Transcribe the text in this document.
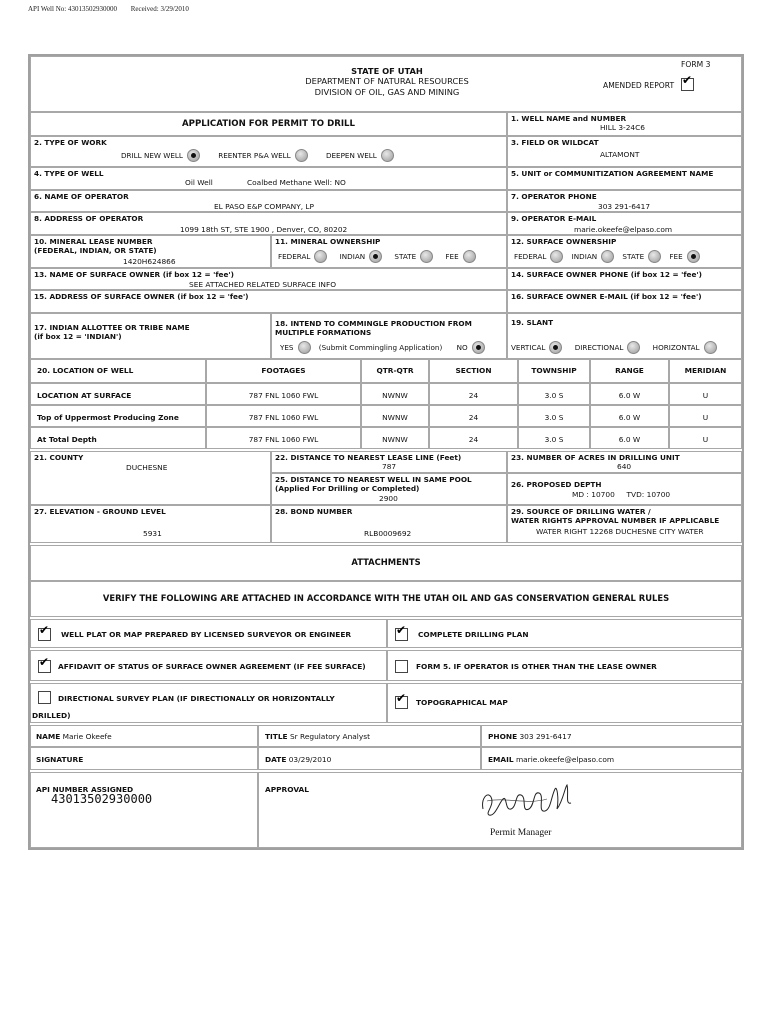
API Well No: 43013502930000 Received: 3/29/2010
STATE OF UTAH
DEPARTMENT OF NATURAL RESOURCES
DIVISION OF OIL, GAS AND MINING
FORM 3
AMENDED REPORT
✔
APPLICATION FOR PERMIT TO DRILL
1. WELL NAME and NUMBER
HILL 3-24C6
2. TYPE OF WORK
DRILL NEW WELL	REENTER P&A WELL	DEEPEN WELL
3. FIELD OR WILDCAT
ALTAMONT
4. TYPE OF WELL
Oil Well	Coalbed Methane Well: NO
5. UNIT or COMMUNITIZATION AGREEMENT NAME
6. NAME OF OPERATOR
EL PASO E&P COMPANY, LP
7. OPERATOR PHONE
303 291-6417
8. ADDRESS OF OPERATOR
1099 18th ST, STE 1900 , Denver, CO, 80202
9. OPERATOR E-MAIL
marie.okeefe@elpaso.com
10. MINERAL LEASE NUMBER
(FEDERAL, INDIAN, OR STATE)
1420H624866
11. MINERAL OWNERSHIP
FEDERAL	INDIAN	STATE	FEE
12. SURFACE OWNERSHIP
FEDERAL	INDIAN	STATE	FEE
13. NAME OF SURFACE OWNER (if box 12 = 'fee')
SEE ATTACHED RELATED SURFACE INFO
14. SURFACE OWNER PHONE (if box 12 = 'fee')
15. ADDRESS OF SURFACE OWNER (if box 12 = 'fee')	16. SURFACE OWNER E-MAIL (if box 12 = 'fee')
17. INDIAN ALLOTTEE OR TRIBE NAME
(if box 12 = 'INDIAN')
18. INTEND TO COMMINGLE PRODUCTION FROM
MULTIPLE FORMATIONS
YES	(Submit Commingling Application) NO
19. SLANT
VERTICAL	DIRECTIONAL	HORIZONTAL
20. LOCATION OF WELL	FOOTAGES	QTR-QTR	SECTION	TOWNSHIP	RANGE	MERIDIAN
LOCATION AT SURFACE	787 FNL 1060 FWL	NWNW	24	3.0 S	6.0 W	U
Top of Uppermost Producing Zone	787 FNL 1060 FWL	NWNW	24	3.0 S	6.0 W	U
At Total Depth	787 FNL 1060 FWL	NWNW	24	3.0 S	6.0 W	U
21. COUNTY
DUCHESNE
22. DISTANCE TO NEAREST LEASE LINE (Feet)
787
23. NUMBER OF ACRES IN DRILLING UNIT
640
25. DISTANCE TO NEAREST WELL IN SAME POOL
(Applied For Drilling or Completed)
2900
26. PROPOSED DEPTH
MD : 10700     TVD: 10700
27. ELEVATION - GROUND LEVEL
5931
28. BOND NUMBER
RLB0009692
29. SOURCE OF DRILLING WATER /
WATER RIGHTS APPROVAL NUMBER IF APPLICABLE
WATER RIGHT 12268 DUCHESNE CITY WATER
ATTACHMENTS
VERIFY THE FOLLOWING ARE ATTACHED IN ACCORDANCE WITH THE UTAH OIL AND GAS CONSERVATION GENERAL RULES
✔
WELL PLAT OR MAP PREPARED BY LICENSED SURVEYOR OR ENGINEER
✔	COMPLETE DRILLING PLAN
✔
AFFIDAVIT OF STATUS OF SURFACE OWNER AGREEMENT (IF FEE SURFACE)	FORM 5. IF OPERATOR IS OTHER THAN THE LEASE OWNER
DIRECTIONAL SURVEY PLAN (IF DIRECTIONALLY OR HORIZONTALLY
DRILLED)
✔
TOPOGRAPHICAL MAP
NAME Marie Okeefe	TITLE Sr Regulatory Analyst	PHONE 303 291-6417
SIGNATURE	DATE 03/29/2010	EMAIL marie.okeefe@elpaso.com
API NUMBER ASSIGNED
43013502930000
APPROVAL
Permit Manager
